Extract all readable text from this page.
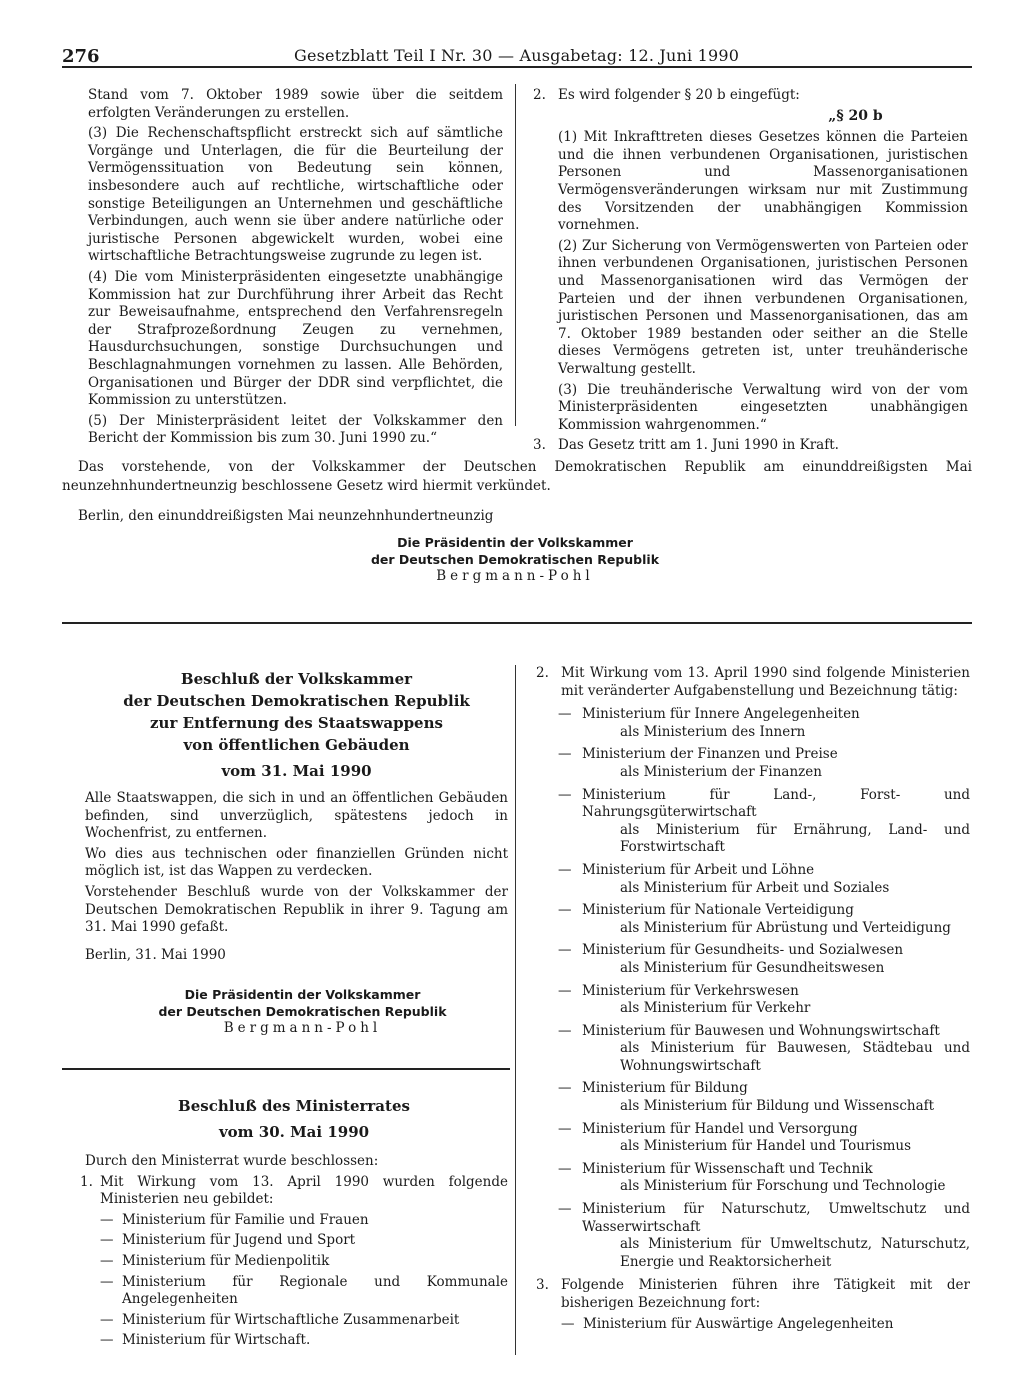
276	Gesetzblatt Teil I Nr. 30 — Ausgabetag: 12. Juni 1990

Stand vom 7. Oktober 1989 sowie über die seitdem erfolgten Veränderungen zu erstellen.

(3) Die Rechenschaftspflicht erstreckt sich auf sämtliche Vorgänge und Unterlagen, die für die Beurteilung der Vermögenssituation von Bedeutung sein können, insbesondere auch auf rechtliche, wirtschaftliche oder sonstige Beteiligungen an Unternehmen und geschäftliche Verbindungen, auch wenn sie über andere natürliche oder juristische Personen abgewickelt wurden, wobei eine wirtschaftliche Betrachtungsweise zugrunde zu legen ist.

(4) Die vom Ministerpräsidenten eingesetzte unabhängige Kommission hat zur Durchführung ihrer Arbeit das Recht zur Beweisaufnahme, entsprechend den Verfahrensregeln der Strafprozeßordnung Zeugen zu vernehmen, Hausdurchsuchungen, sonstige Durchsuchungen und Beschlagnahmungen vornehmen zu lassen. Alle Behörden, Organisationen und Bürger der DDR sind verpflichtet, die Kommission zu unterstützen.

(5) Der Ministerpräsident leitet der Volkskammer den Bericht der Kommission bis zum 30. Juni 1990 zu.“

2. Es wird folgender § 20 b eingefügt:
„§ 20 b

(1) Mit Inkrafttreten dieses Gesetzes können die Parteien und die ihnen verbundenen Organisationen, juristischen Personen und Massenorganisationen Vermögensveränderungen wirksam nur mit Zustimmung des Vorsitzenden der unabhängigen Kommission vornehmen.

(2) Zur Sicherung von Vermögenswerten von Parteien oder ihnen verbundenen Organisationen, juristischen Personen und Massenorganisationen wird das Vermögen der Parteien und der ihnen verbundenen Organisationen, juristischen Personen und Massenorganisationen, das am 7. Oktober 1989 bestanden oder seither an die Stelle dieses Vermögens getreten ist, unter treuhänderische Verwaltung gestellt.

(3) Die treuhänderische Verwaltung wird von der vom Ministerpräsidenten eingesetzten unabhängigen Kommission wahrgenommen.“

3. Das Gesetz tritt am 1. Juni 1990 in Kraft.
Das vorstehende, von der Volkskammer der Deutschen Demokratischen Republik am einunddreißigsten Mai neunzehnhundertneunzig beschlossene Gesetz wird hiermit verkündet.
Berlin, den einunddreißigsten Mai neunzehnhundertneunzig
Die Präsidentin der Volkskammer
der Deutschen Demokratischen Republik
Bergmann-Pohl
Beschluß der Volkskammer
der Deutschen Demokratischen Republik
zur Entfernung des Staatswappens
von öffentlichen Gebäuden
vom 31. Mai 1990

Alle Staatswappen, die sich in und an öffentlichen Gebäuden befinden, sind unverzüglich, spätestens jedoch in Wochenfrist, zu entfernen.

Wo dies aus technischen oder finanziellen Gründen nicht möglich ist, ist das Wappen zu verdecken.

Vorstehender Beschluß wurde von der Volkskammer der Deutschen Demokratischen Republik in ihrer 9. Tagung am 31. Mai 1990 gefaßt.

Berlin, 31. Mai 1990

Die Präsidentin der Volkskammer
der Deutschen Demokratischen Republik
Bergmann-Pohl
Beschluß des Ministerrates
vom 30. Mai 1990

Durch den Ministerrat wurde beschlossen:

1. Mit Wirkung vom 13. April 1990 wurden folgende Ministerien neu gebildet:
— Ministerium für Familie und Frauen
— Ministerium für Jugend und Sport
— Ministerium für Medienpolitik
— Ministerium für Regionale und Kommunale Angelegenheiten
— Ministerium für Wirtschaftliche Zusammenarbeit
— Ministerium für Wirtschaft.
2. Mit Wirkung vom 13. April 1990 sind folgende Ministerien mit veränderter Aufgabenstellung und Bezeichnung tätig:
— Ministerium für Innere Angelegenheiten
als Ministerium des Innern
— Ministerium der Finanzen und Preise
als Ministerium der Finanzen
— Ministerium für Land-, Forst- und Nahrungsgüterwirtschaft
als Ministerium für Ernährung, Land- und Forstwirtschaft
— Ministerium für Arbeit und Löhne
als Ministerium für Arbeit und Soziales
— Ministerium für Nationale Verteidigung
als Ministerium für Abrüstung und Verteidigung
— Ministerium für Gesundheits- und Sozialwesen
als Ministerium für Gesundheitswesen
— Ministerium für Verkehrswesen
als Ministerium für Verkehr
— Ministerium für Bauwesen und Wohnungswirtschaft
als Ministerium für Bauwesen, Städtebau und Wohnungswirtschaft
— Ministerium für Bildung
als Ministerium für Bildung und Wissenschaft
— Ministerium für Handel und Versorgung
als Ministerium für Handel und Tourismus
— Ministerium für Wissenschaft und Technik
als Ministerium für Forschung und Technologie
— Ministerium für Naturschutz, Umweltschutz und Wasserwirtschaft
als Ministerium für Umweltschutz, Naturschutz, Energie und Reaktorsicherheit
3. Folgende Ministerien führen ihre Tätigkeit mit der bisherigen Bezeichnung fort:
— Ministerium für Auswärtige Angelegenheiten
